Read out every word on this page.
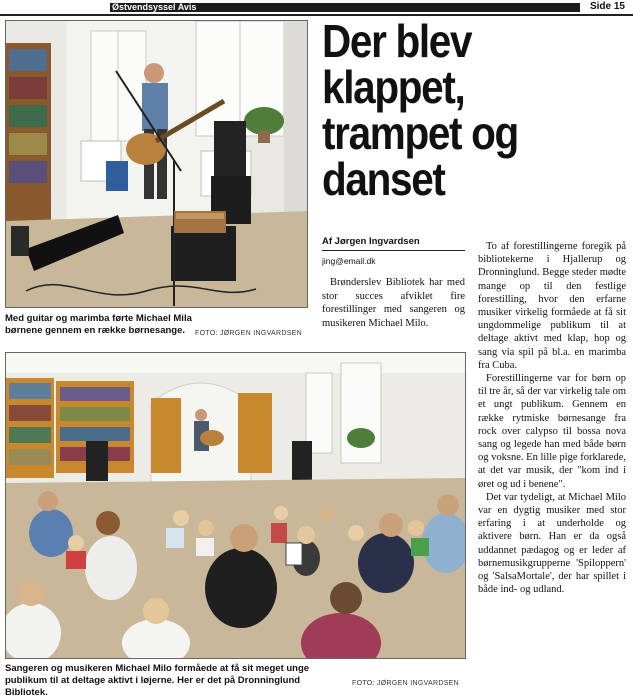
Østvendsyssel Avis	Side 15
Med guitar og marimba førte Michael Mila børnene gennem en række børnesange.	FOTO: JØRGEN INGVARDSEN
Der blev
klappet,
trampet og
danset
Af Jørgen Ingvardsen
jing@email.dk

Brønderslev Bibliotek har med stor succes afviklet fire forestillinger med sangeren og musikeren Michael Milo.

To af forestillingerne foregik på bibliotekerne i Hjallerup og Dronninglund. Begge steder mødte mange op til den festlige forestilling, hvor den erfarne musiker virkelig formåede at få sit ungdommelige publikum til at deltage aktivt med klap, hop og sang via spil på bl.a. en marimba fra Cuba.

Forestillingerne var for børn op til tre år, så der var virkelig tale om et ungt publikum. Gennem en række rytmiske børnesange fra rock over calypso til bossa nova sang og legede han med både børn og voksne. En lille pige forklarede, at det var musik, der "kom ind i øret og ud i benene".

Det var tydeligt, at Michael Milo var en dygtig musiker med stor erfaring i at underholde og aktivere børn. Han er da også uddannet pædagog og er leder af børnemusikgrupperne 'Spiloppern' og 'SalsaMortale', der har spillet i både ind- og udland.

Sangeren og musikeren Michael Milo formåede at få sit meget unge publikum til at deltage aktivt i løjerne. Her er det på Dronninglund Bibliotek.
FOTO: JØRGEN INGVARDSEN
